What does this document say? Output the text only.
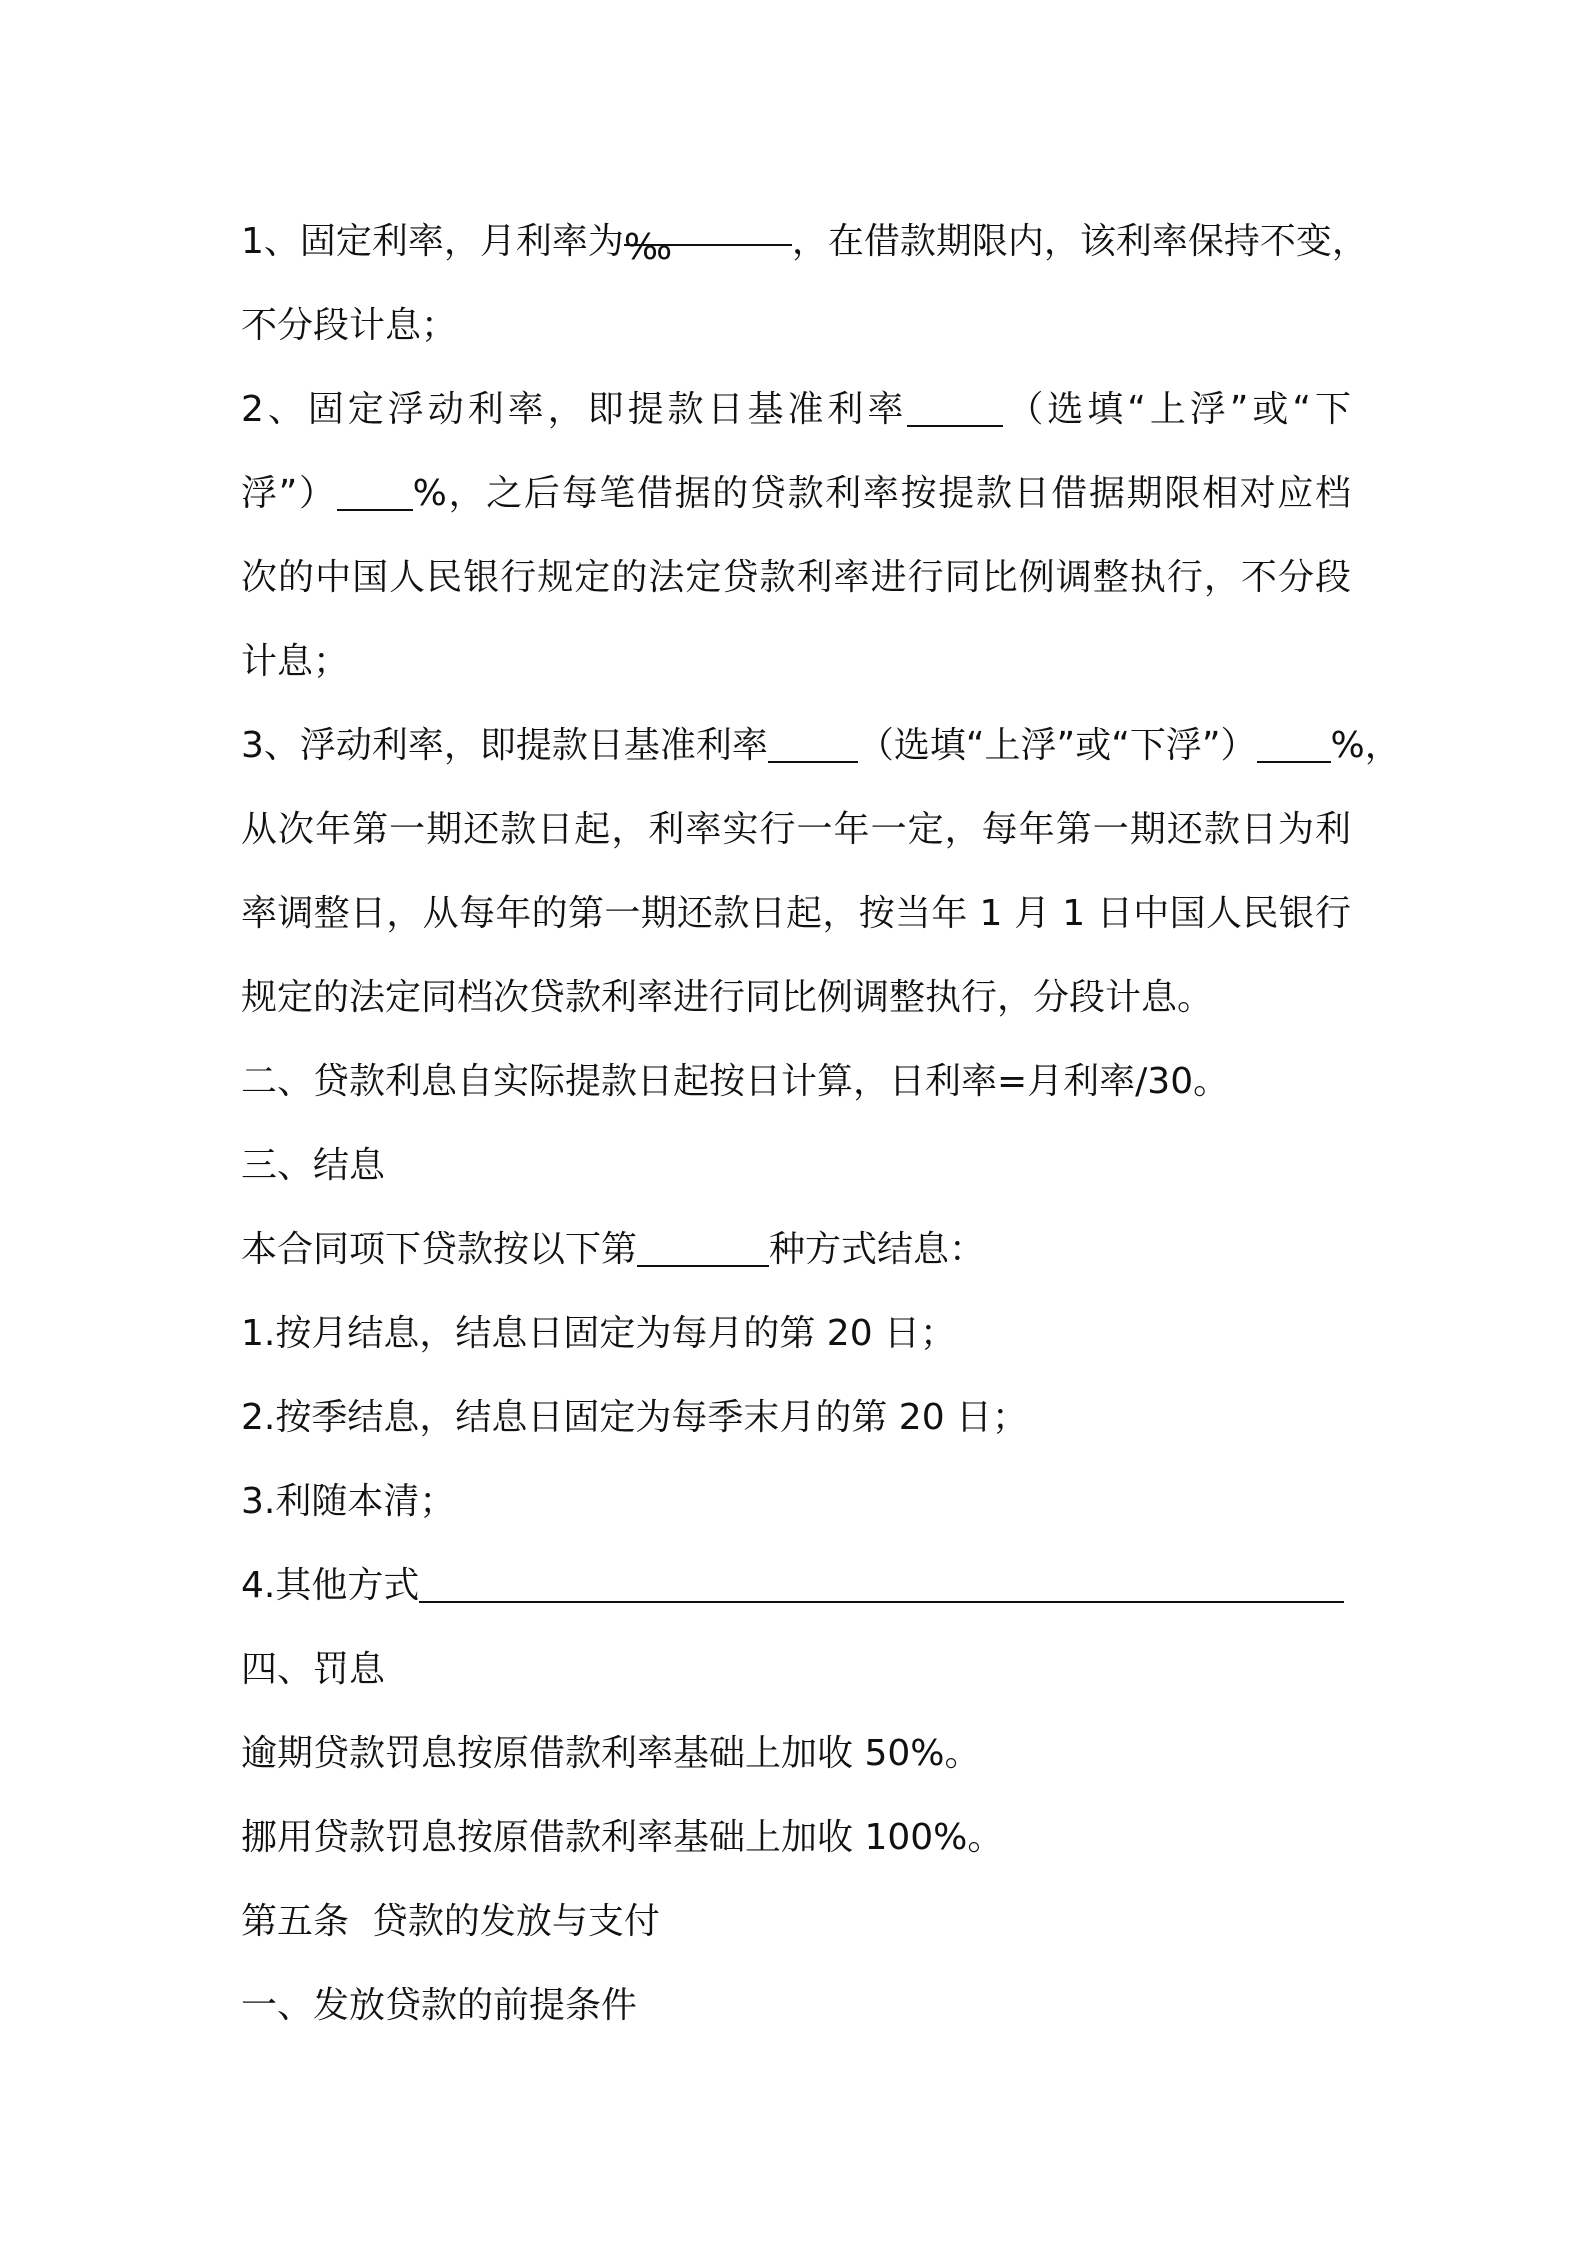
1、固定利率，月利率为‰	，在借款期限内，该利率保持不变，
不分段计息；
2、固定浮动利率，即提款日基准利率	（选填“上浮”或“下
浮”） %，之后每笔借据的贷款利率按提款日借据期限相对应档
次的中国人民银行规定的法定贷款利率进行同比例调整执行，不分段
计息；
3、浮动利率，即提款日基准利率	（选填“上浮”或“下浮”） %，
从次年第一期还款日起，利率实行一年一定，每年第一期还款日为利
率调整日，从每年的第一期还款日起，按当年 1 月 1 日中国人民银行
规定的法定同档次贷款利率进行同比例调整执行，分段计息。
二、贷款利息自实际提款日起按日计算，日利率=月利率/30。
三、结息
本合同项下贷款按以下第	种方式结息：
1.按月结息，结息日固定为每月的第 20 日；
2.按季结息，结息日固定为每季末月的第 20 日；
3.利随本清；
4.其他方式
四、罚息
逾期贷款罚息按原借款利率基础上加收 50%。
挪用贷款罚息按原借款利率基础上加收 100%。
第五条  贷款的发放与支付
一、发放贷款的前提条件
